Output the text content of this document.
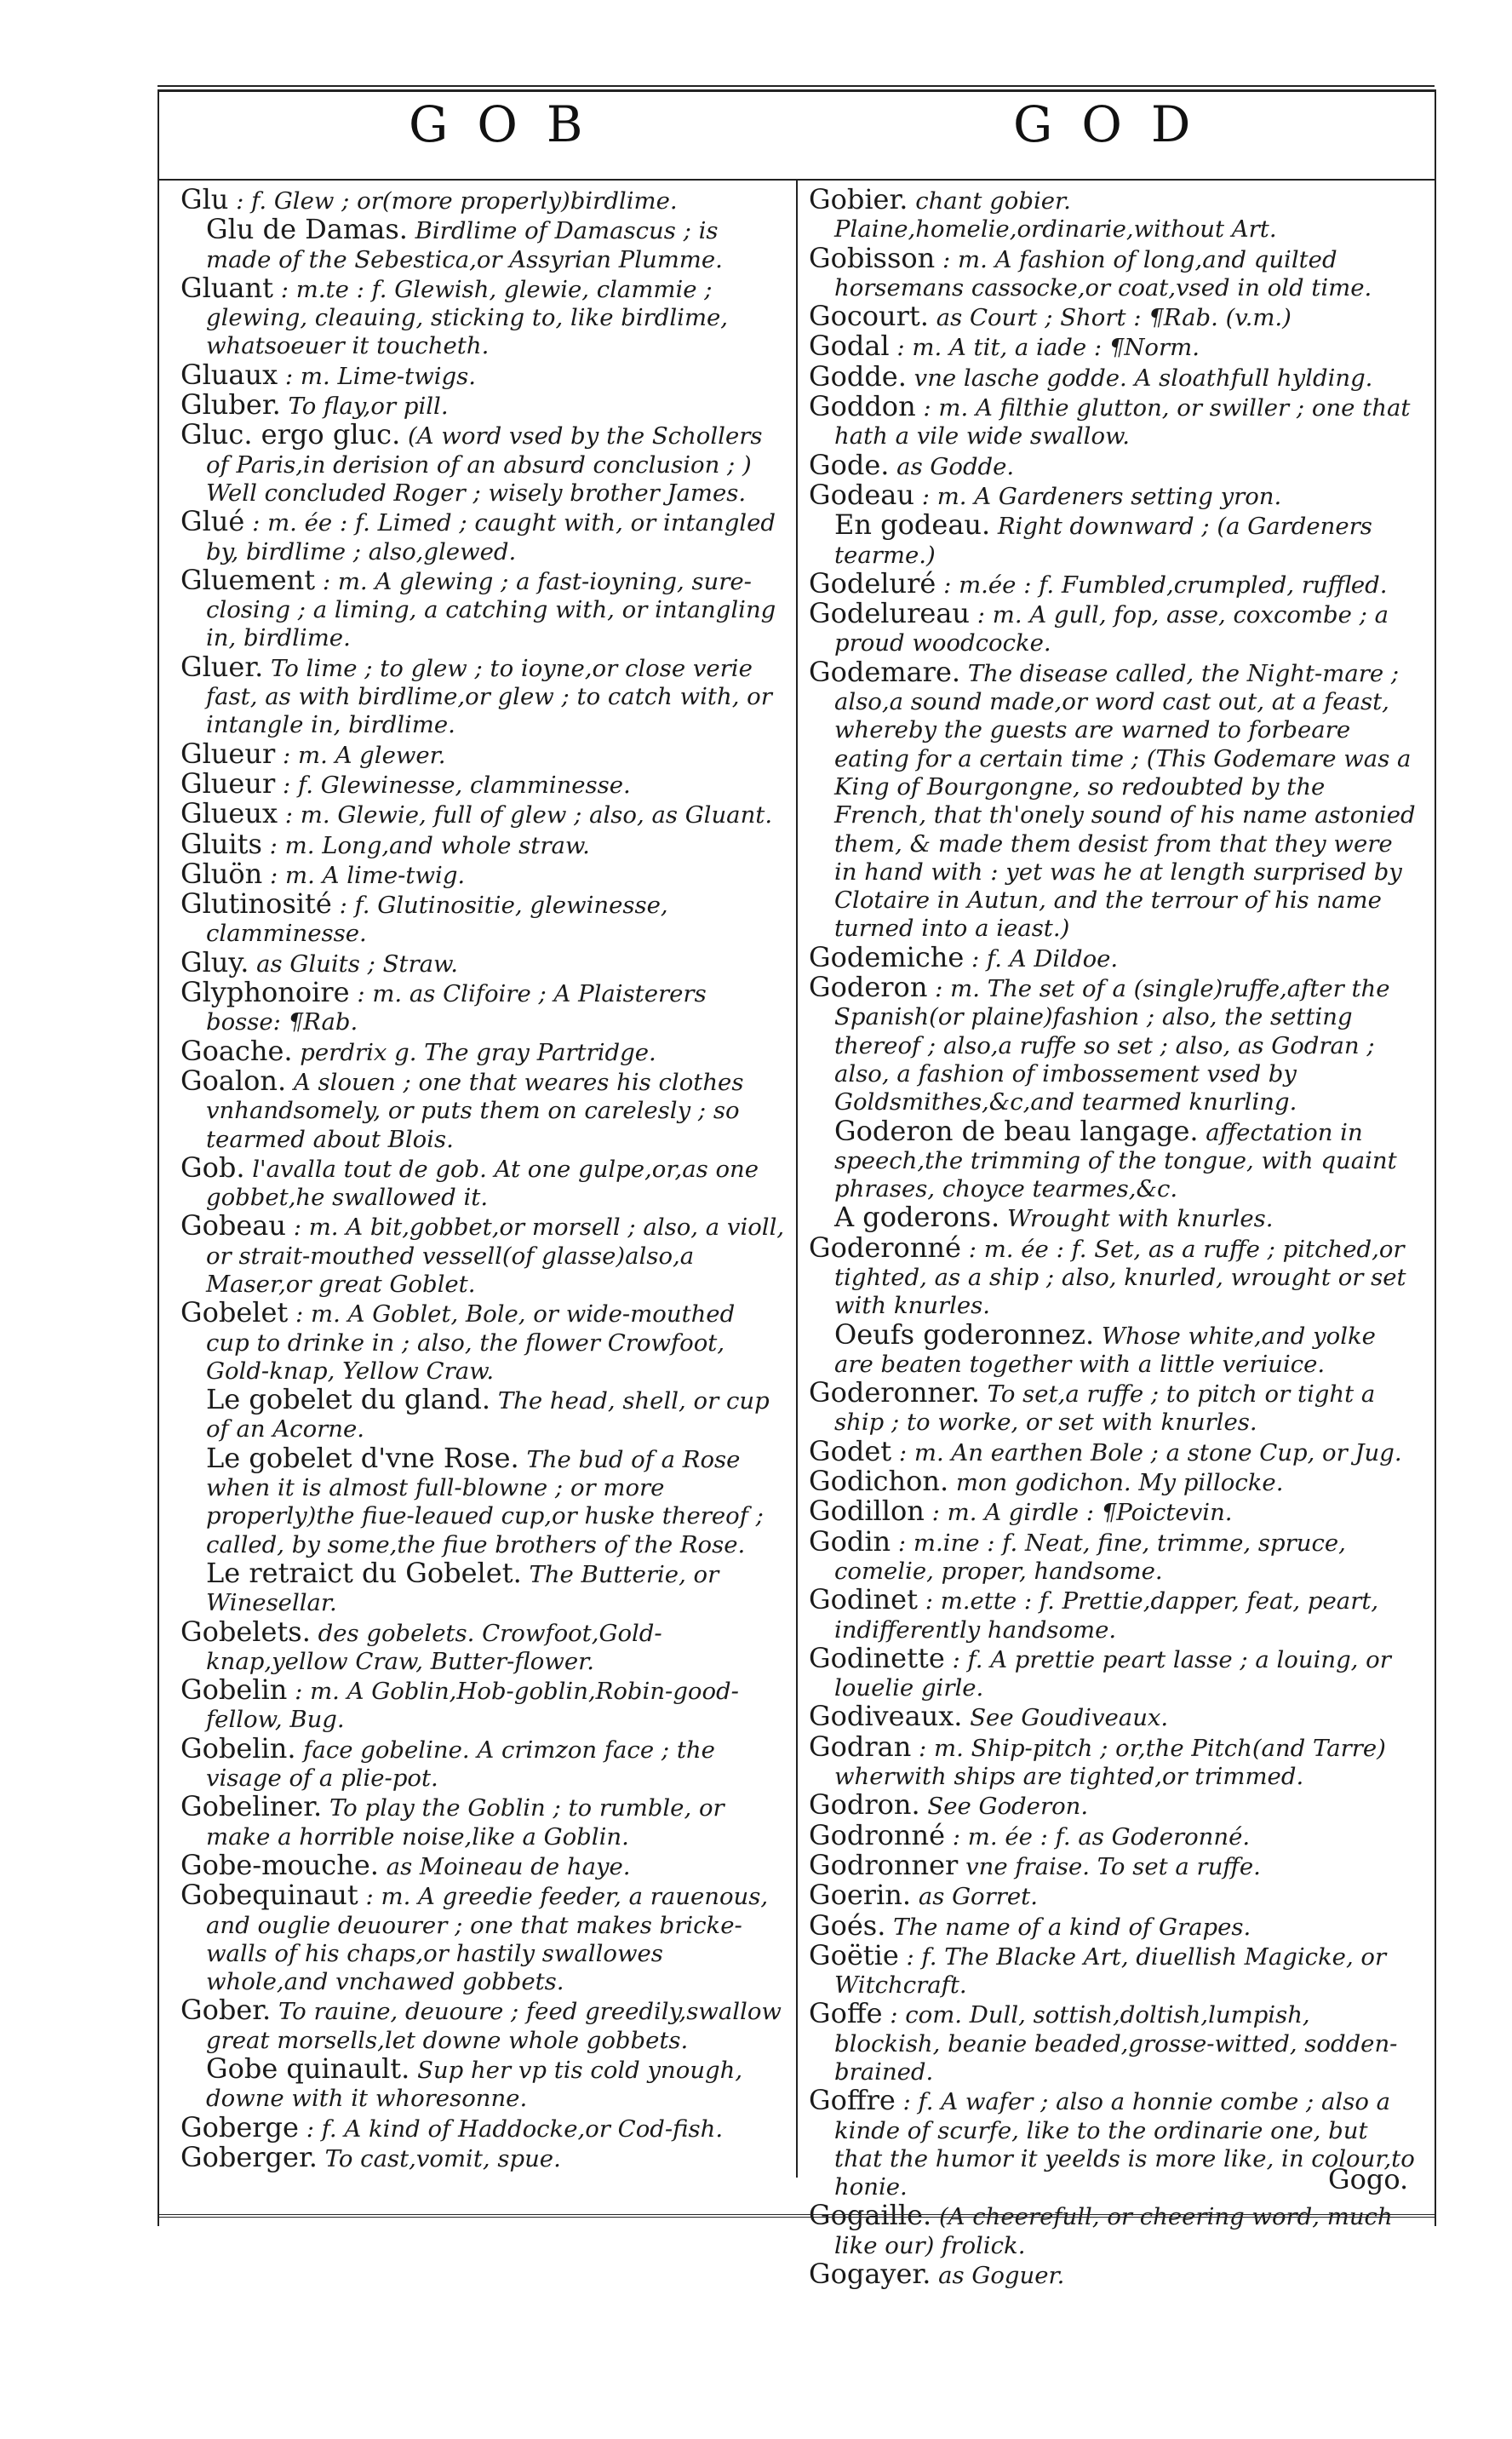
GOB	GOD

Glu : f. Glew ; or(more properly)birdlime.

Glu de Damas. Birdlime of Damascus ; is made of the Sebestica,or Assyrian Plumme.

Gluant : m.te : f. Glewish, glewie, clammie ; glewing, cleauing, sticking to, like birdlime, whatsoeuer it toucheth.

Gluaux : m. Lime-twigs.

Gluber. To flay,or pill.

Gluc. ergo gluc. (A word vsed by the Schollers of Paris,in derision of an absurd conclusion ; ) Well concluded Roger ; wisely brother James.

Glué : m. ée : f. Limed ; caught with, or intangled by, birdlime ; also,glewed.

Gluement : m. A glewing ; a fast-ioyning, sure-closing ; a liming, a catching with, or intangling in, birdlime.

Gluer. To lime ; to glew ; to ioyne,or close verie fast, as with birdlime,or glew ; to catch with, or intangle in, birdlime.

Glueur : m. A glewer.

Glueur : f. Glewinesse, clamminesse.

Glueux : m. Glewie, full of glew ; also, as Gluant.

Gluits : m. Long,and whole straw.

Gluön : m. A lime-twig.

Glutinosité : f. Glutinositie, glewinesse, clamminesse.

Gluy. as Gluits ; Straw.

Glyphonoire : m. as Clifoire ; A Plaisterers bosse: ¶Rab.

Goache. perdrix g. The gray Partridge.

Goalon. A slouen ; one that weares his clothes vnhandsomely, or puts them on carelesly ; so tearmed about Blois.

Gob. l'avalla tout de gob. At one gulpe,or,as one gobbet,he swallowed it.

Gobeau : m. A bit,gobbet,or morsell ; also, a violl, or strait-mouthed vessell(of glasse)also,a Maser,or great Goblet.

Gobelet : m. A Goblet, Bole, or wide-mouthed cup to drinke in ; also, the flower Crowfoot, Gold-knap, Yellow Craw.

Le gobelet du gland. The head, shell, or cup of an Acorne.

Le gobelet d'vne Rose. The bud of a Rose when it is almost full-blowne ; or more properly)the fiue-leaued cup,or huske thereof ; called, by some,the fiue brothers of the Rose.

Le retraict du Gobelet. The Butterie, or Winesellar.

Gobelets. des gobelets. Crowfoot,Gold-knap,yellow Craw, Butter-flower.

Gobelin : m. A Goblin,Hob-goblin,Robin-good-fellow, Bug.

Gobelin. face gobeline. A crimzon face ; the visage of a plie-pot.

Gobeliner. To play the Goblin ; to rumble, or make a horrible noise,like a Goblin.

Gobe-mouche. as Moineau de haye.

Gobequinaut : m. A greedie feeder, a rauenous, and ouglie deuourer ; one that makes bricke-walls of his chaps,or hastily swallowes whole,and vnchawed gobbets.

Gober. To rauine, deuoure ; feed greedily,swallow great morsells,let downe whole gobbets.

Gobe quinault. Sup her vp tis cold ynough, downe with it whoresonne.

Goberge : f. A kind of Haddocke,or Cod-fish.

Goberger. To cast,vomit, spue.

Gobier. chant gobier. Plaine,homelie,ordinarie,without Art.

Gobisson : m. A fashion of long,and quilted horsemans cassocke,or coat,vsed in old time.

Gocourt. as Court ; Short : ¶Rab. (v.m.)

Godal : m. A tit, a iade : ¶Norm.

Godde. vne lasche godde. A sloathfull hylding.

Goddon : m. A filthie glutton, or swiller ; one that hath a vile wide swallow.

Gode. as Godde.

Godeau : m. A Gardeners setting yron.

En godeau. Right downward ; (a Gardeners tearme.)

Godeluré : m.ée : f. Fumbled,crumpled, ruffled.

Godelureau : m. A gull, fop, asse, coxcombe ; a proud woodcocke.

Godemare. The disease called, the Night-mare ; also,a sound made,or word cast out, at a feast, whereby the guests are warned to forbeare eating for a certain time ; (This Godemare was a King of Bourgongne, so redoubted by the French, that th'onely sound of his name astonied them, & made them desist from that they were in hand with : yet was he at length surprised by Clotaire in Autun, and the terrour of his name turned into a ieast.)

Godemiche : f. A Dildoe.

Goderon : m. The set of a (single)ruffe,after the Spanish(or plaine)fashion ; also, the setting thereof ; also,a ruffe so set ; also, as Godran ; also, a fashion of imbossement vsed by Goldsmithes,&c,and tearmed knurling.

Goderon de beau langage. affectation in speech,the trimming of the tongue, with quaint phrases, choyce tearmes,&c.

A goderons. Wrought with knurles.

Goderonné : m. ée : f. Set, as a ruffe ; pitched,or tighted, as a ship ; also, knurled, wrought or set with knurles.

Oeufs goderonnez. Whose white,and yolke are beaten together with a little veriuice.

Goderonner. To set,a ruffe ; to pitch or tight a ship ; to worke, or set with knurles.

Godet : m. An earthen Bole ; a stone Cup, or Jug.

Godichon. mon godichon. My pillocke.

Godillon : m. A girdle : ¶Poictevin.

Godin : m.ine : f. Neat, fine, trimme, spruce, comelie, proper, handsome.

Godinet : m.ette : f. Prettie,dapper, feat, peart, indifferently handsome.

Godinette : f. A prettie peart lasse ; a louing, or louelie girle.

Godiveaux. See Goudiveaux.

Godran : m. Ship-pitch ; or,the Pitch(and Tarre) wherwith ships are tighted,or trimmed.

Godron. See Goderon.

Godronné : m. ée : f. as Goderonné.

Godronner vne fraise. To set a ruffe.

Goerin. as Gorret.

Goés. The name of a kind of Grapes.

Goëtie : f. The Blacke Art, diuellish Magicke, or Witchcraft.

Goffe : com. Dull, sottish,doltish,lumpish, blockish, beanie beaded,grosse-witted, sodden-brained.

Goffre : f. A wafer ; also a honnie combe ; also a kinde of scurfe, like to the ordinarie one, but that the humor it yeelds is more like, in colour,to honie.

Gogaille. (A cheerefull, or cheering word, much like our) frolick.

Gogayer. as Goguer.

Gogo.
